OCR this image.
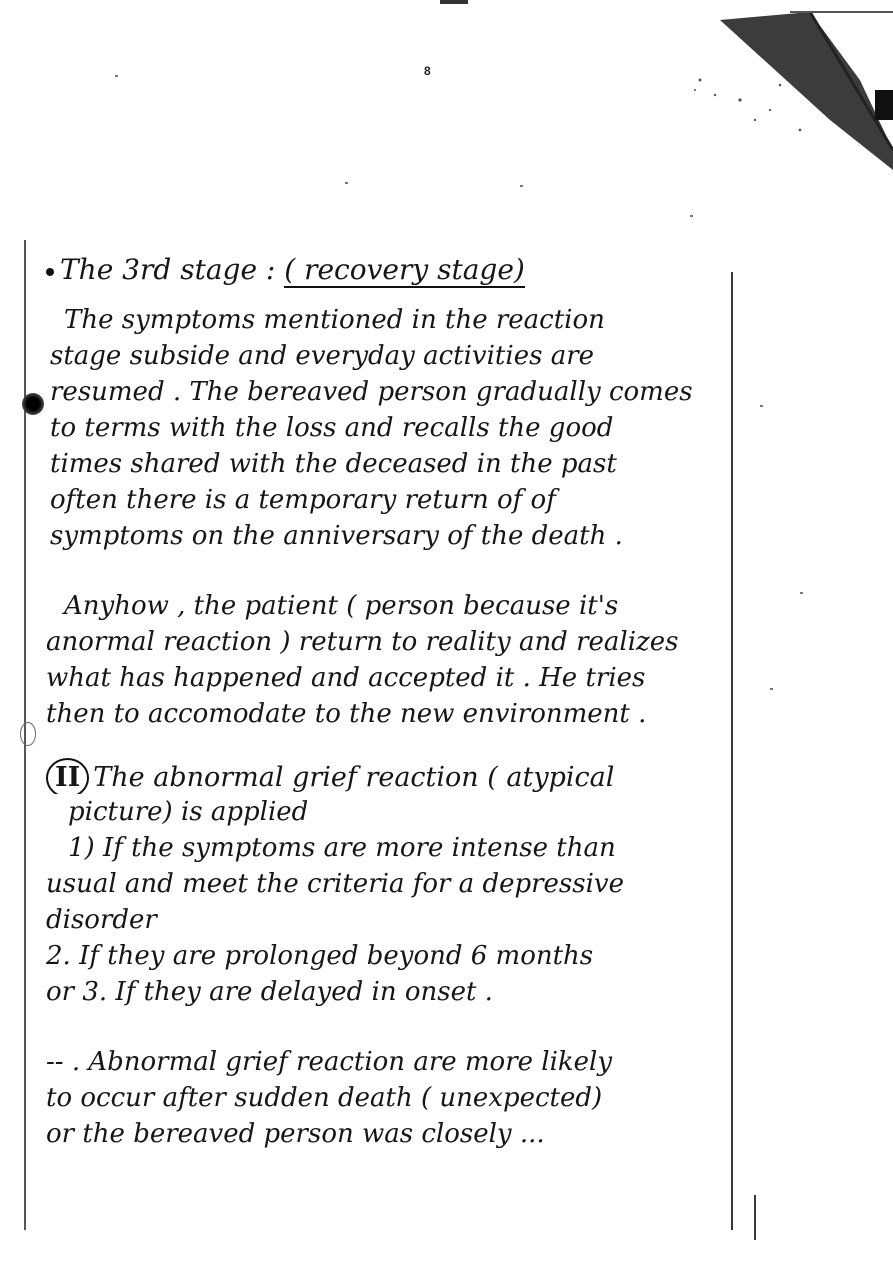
8
The 3rd stage : ( recovery stage)
The symptoms mentioned in the reaction
stage subside and everyday activities are
resumed . The bereaved person gradually comes
to terms with the loss and recalls the good
times shared with the deceased in the past
often there is a temporary return of of
symptoms on the anniversary of the death .
Anyhow , the patient ( person because it's
anormal reaction ) return to reality and realizes
what has happened and accepted it . He tries
then to accomodate to the new environment .
II The abnormal grief reaction ( atypical
picture) is applied
1) If the symptoms are more intense than
usual and meet the criteria for a depressive
disorder
2. If they are prolonged beyond 6 months
or 3. If they are delayed in onset .
-- . Abnormal grief reaction are more likely
to occur after sudden death ( unexpected)
or the bereaved person was closely ...
